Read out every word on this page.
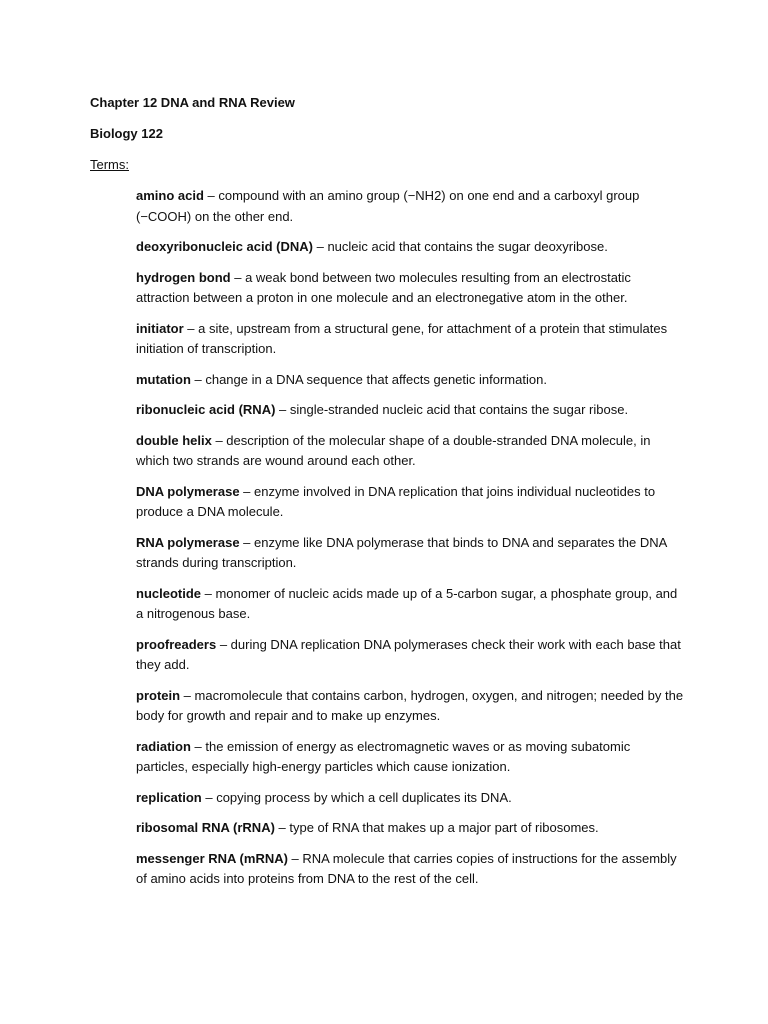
Chapter 12 DNA and RNA Review
Biology 122
Terms:
amino acid – compound with an amino group (−NH2) on one end and a carboxyl group (−COOH) on the other end.
deoxyribonucleic acid (DNA) – nucleic acid that contains the sugar deoxyribose.
hydrogen bond – a weak bond between two molecules resulting from an electrostatic attraction between a proton in one molecule and an electronegative atom in the other.
initiator – a site, upstream from a structural gene, for attachment of a protein that stimulates initiation of transcription.
mutation – change in a DNA sequence that affects genetic information.
ribonucleic acid (RNA) – single-stranded nucleic acid that contains the sugar ribose.
double helix – description of the molecular shape of a double-stranded DNA molecule, in which two strands are wound around each other.
DNA polymerase – enzyme involved in DNA replication that joins individual nucleotides to produce a DNA molecule.
RNA polymerase – enzyme like DNA polymerase that binds to DNA and separates the DNA strands during transcription.
nucleotide – monomer of nucleic acids made up of a 5-carbon sugar, a phosphate group, and a nitrogenous base.
proofreaders – during DNA replication DNA polymerases check their work with each base that they add.
protein – macromolecule that contains carbon, hydrogen, oxygen, and nitrogen; needed by the body for growth and repair and to make up enzymes.
radiation – the emission of energy as electromagnetic waves or as moving subatomic particles, especially high-energy particles which cause ionization.
replication – copying process by which a cell duplicates its DNA.
ribosomal RNA (rRNA) – type of RNA that makes up a major part of ribosomes.
messenger RNA (mRNA) – RNA molecule that carries copies of instructions for the assembly of amino acids into proteins from DNA to the rest of the cell.
